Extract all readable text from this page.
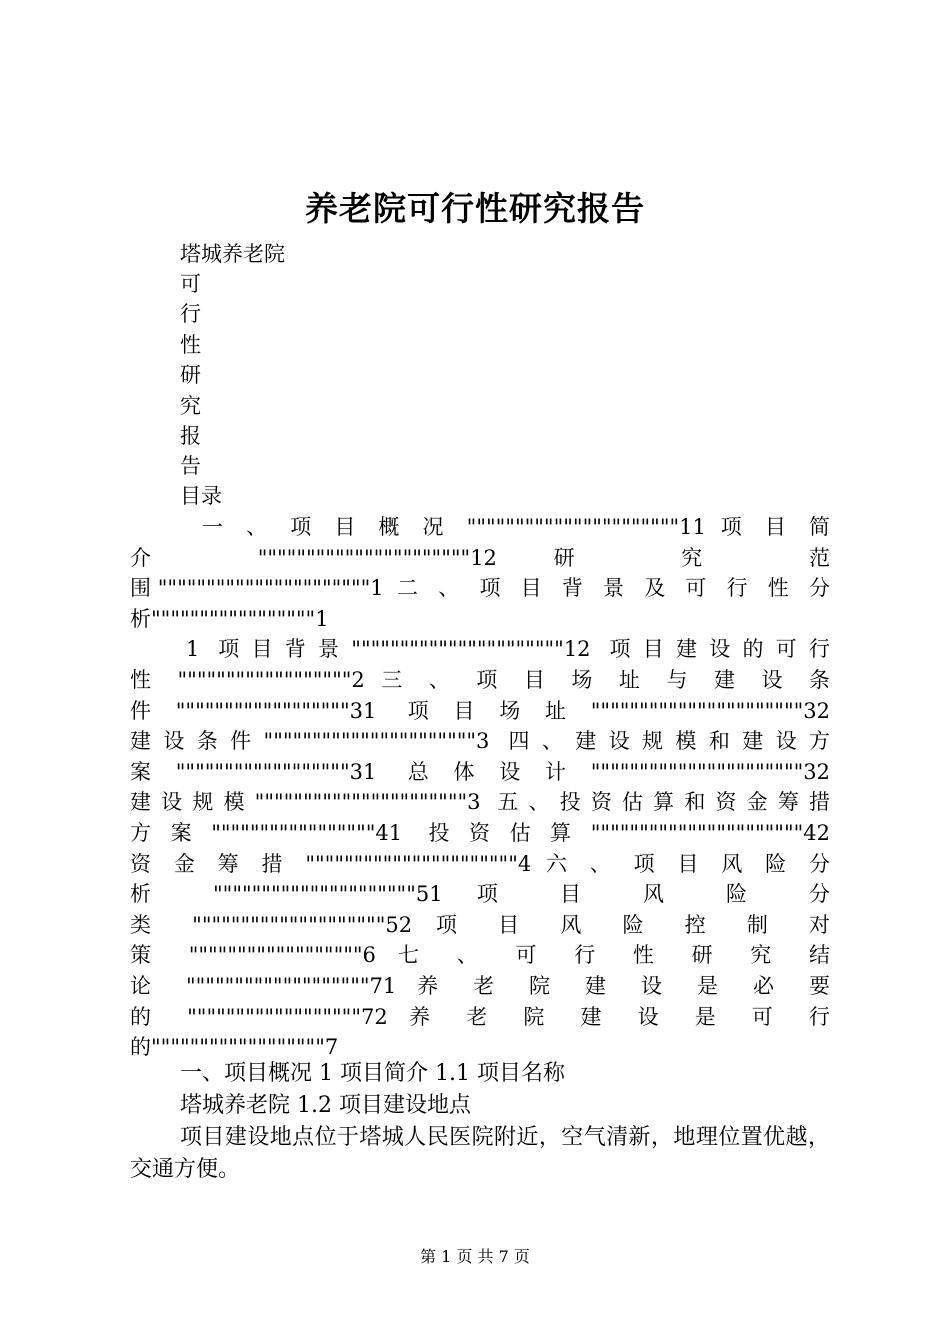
养老院可行性研究报告
塔城养老院
可
行
性
研
究
报
告
目录
一 、 项 目 概 况 """"""""""""""""""""""11 项 目 简
介 """"""""""""""""""""""12 研 究 范
围""""""""""""""""""""""1 二 、 项 目 背 景 及 可 行 性 分
析"""""""""""""""""1
1 项目背景""""""""""""""""""""""12 项目建设的可行
性 """"""""""""""""""2 三 、 项 目 场 址 与 建 设 条
件""""""""""""""""""31 项目场址""""""""""""""""""""""32
建设条件""""""""""""""""""""""3 四、建设规模和建设方
案""""""""""""""""""31 总体设计""""""""""""""""""""""32
建设规模""""""""""""""""""""""3 五、投资估算和资金筹措
方案"""""""""""""""""41 投资估算""""""""""""""""""""""42
资 金 筹 措 """"""""""""""""""""""4 六 、 项 目 风 险 分
析 """""""""""""""""""""51 项 目 风 险 分
类 """"""""""""""""""""52 项 目 风 险 控 制 对
策 """"""""""""""""""6 七 、 可 行 性 研 究 结
论 """""""""""""""""""71 养 老 院 建 设 是 必 要
的 """"""""""""""""""72 养 老 院 建 设 是 可 行
的""""""""""""""""""7
一、项目概况 1 项目简介 1.1 项目名称
塔城养老院 1.2 项目建设地点
项目建设地点位于塔城人民医院附近，空气清新，地理位置优越，交通方便。
第 1 页 共 7 页
